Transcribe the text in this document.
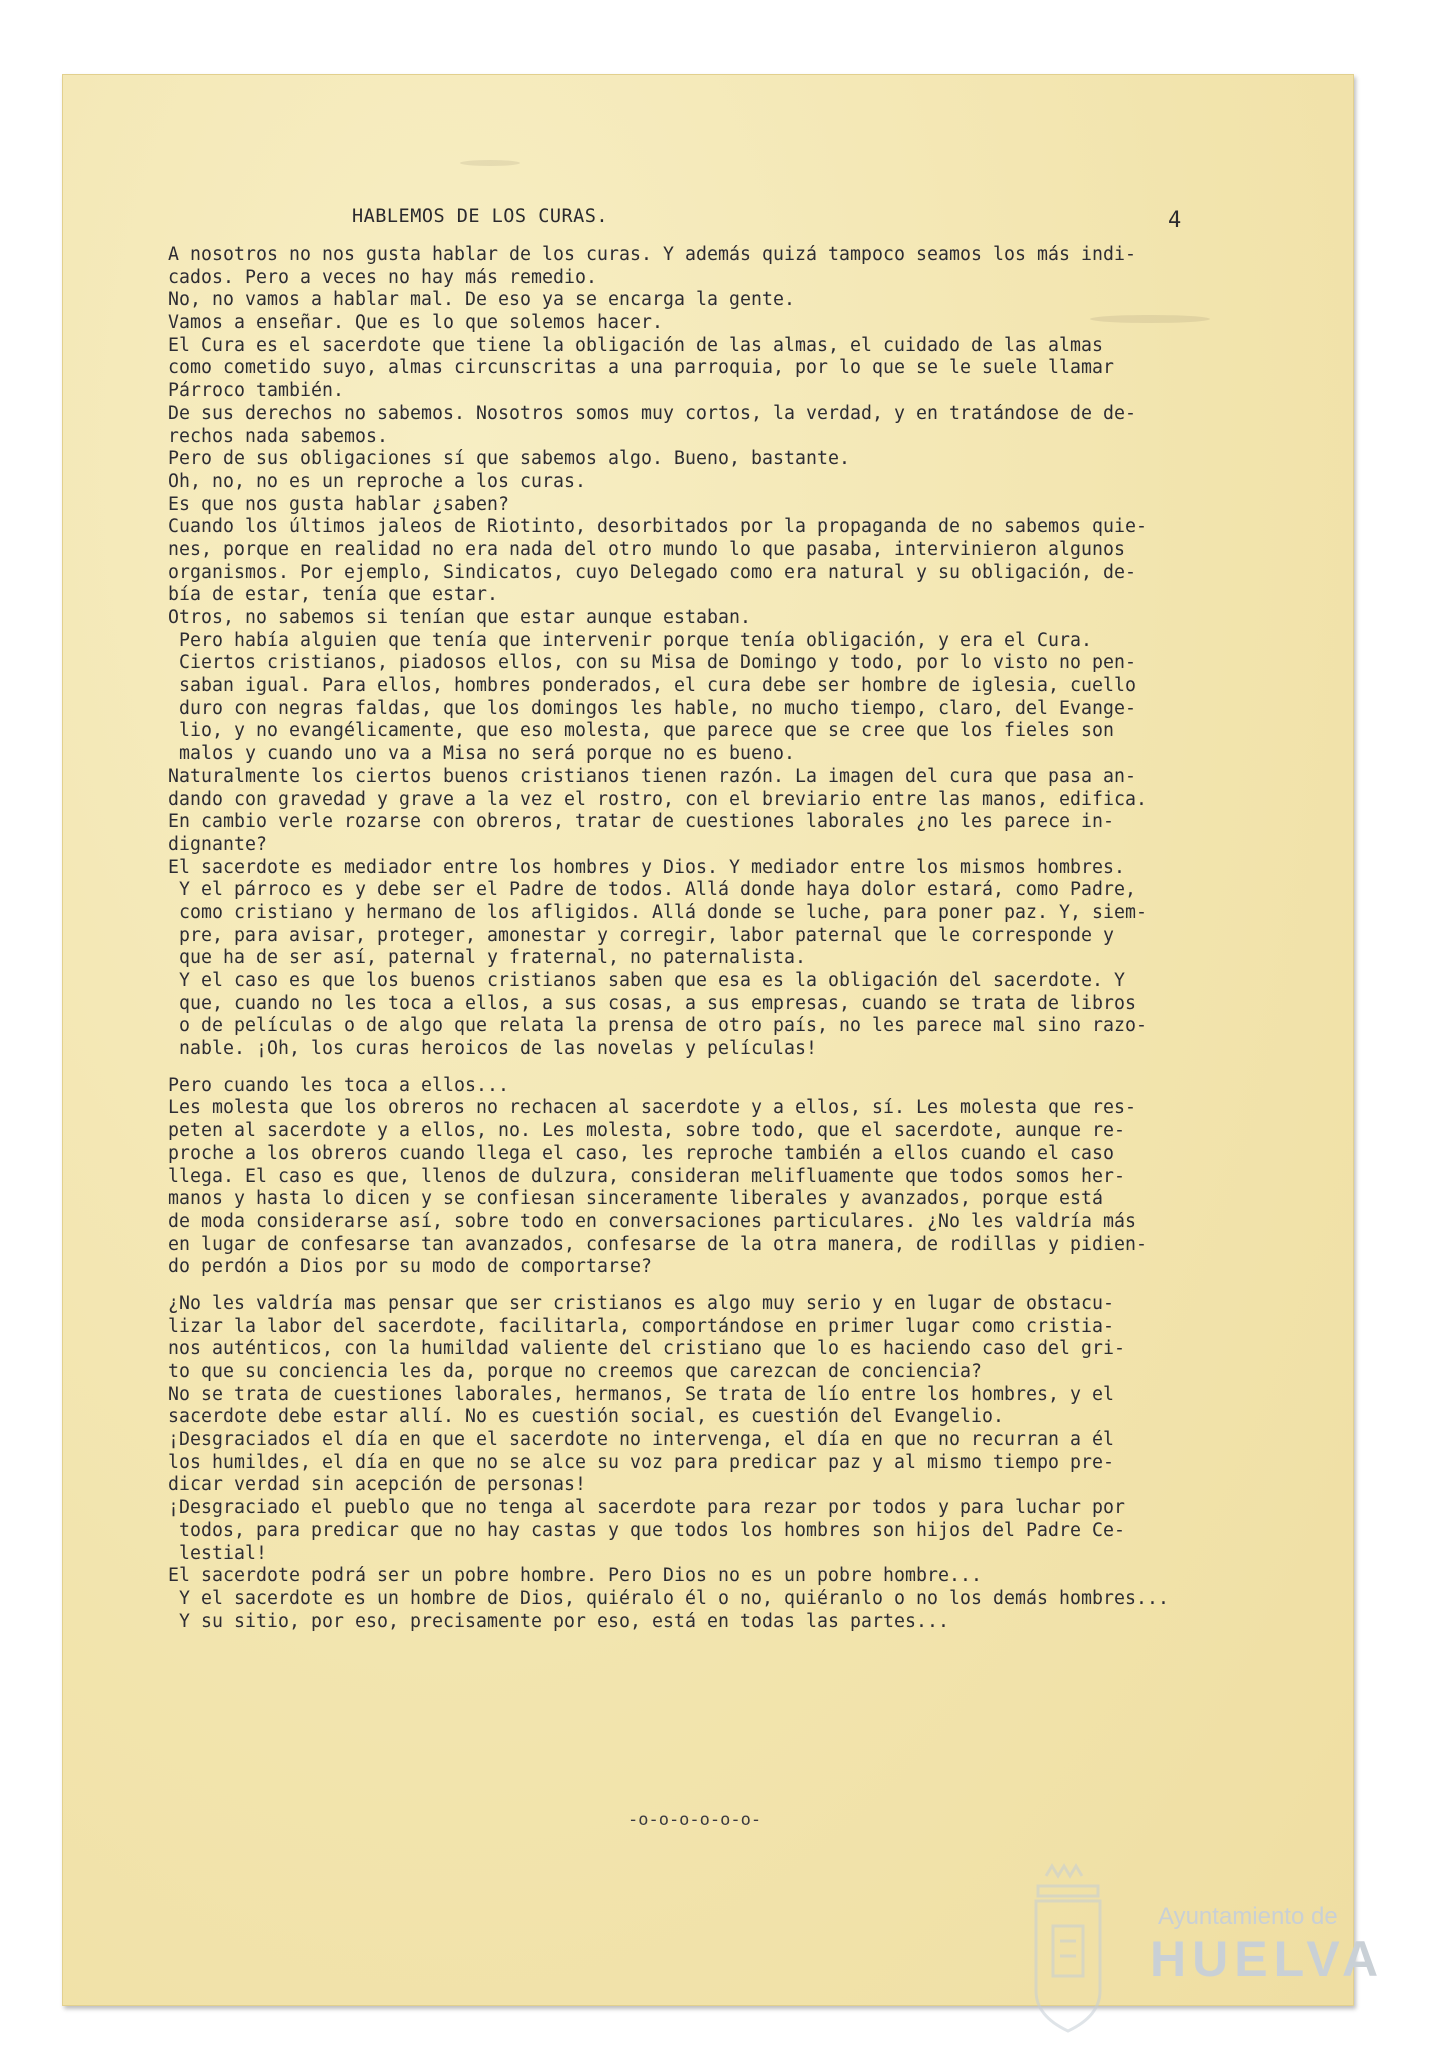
HABLEMOS DE LOS CURAS.	4
A nosotros no nos gusta hablar de los curas. Y además quizá tampoco seamos los más indi-
cados. Pero a veces no hay más remedio.
No, no vamos a hablar mal. De eso ya se encarga la gente.
Vamos a enseñar. Que es lo que solemos hacer.
El Cura es el sacerdote que tiene la obligación de las almas, el cuidado de las almas
como cometido suyo, almas circunscritas a una parroquia, por lo que se le suele llamar
Párroco también.
De sus derechos no sabemos. Nosotros somos muy cortos, la verdad, y en tratándose de de-
rechos nada sabemos.
Pero de sus obligaciones sí que sabemos algo. Bueno, bastante.
Oh, no, no es un reproche a los curas.
Es que nos gusta hablar ¿saben?
Cuando los últimos jaleos de Riotinto, desorbitados por la propaganda de no sabemos quie-
nes, porque en realidad no era nada del otro mundo lo que pasaba, intervinieron algunos
organismos. Por ejemplo, Sindicatos, cuyo Delegado como era natural y su obligación, de-
bía de estar, tenía que estar.
Otros, no sabemos si tenían que estar aunque estaban.
Pero había alguien que tenía que intervenir porque tenía obligación, y era el Cura.
Ciertos cristianos, piadosos ellos, con su Misa de Domingo y todo, por lo visto no pen-
saban igual. Para ellos, hombres ponderados, el cura debe ser hombre de iglesia, cuello
duro con negras faldas, que los domingos les hable, no mucho tiempo, claro, del Evange-
lio, y no evangélicamente, que eso molesta, que parece que se cree que los fieles son
malos y cuando uno va a Misa no será porque no es bueno.
Naturalmente los ciertos buenos cristianos tienen razón. La imagen del cura que pasa an-
dando con gravedad y grave a la vez el rostro, con el breviario entre las manos, edifica.
En cambio verle rozarse con obreros, tratar de cuestiones laborales ¿no les parece in-
dignante?
El sacerdote es mediador entre los hombres y Dios. Y mediador entre los mismos hombres.
Y el párroco es y debe ser el Padre de todos. Allá donde haya dolor estará, como Padre,
como cristiano y hermano de los afligidos. Allá donde se luche, para poner paz. Y, siem-
pre, para avisar, proteger, amonestar y corregir, labor paternal que le corresponde y
que ha de ser así, paternal y fraternal, no paternalista.
Y el caso es que los buenos cristianos saben que esa es la obligación del sacerdote. Y
que, cuando no les toca a ellos, a sus cosas, a sus empresas, cuando se trata de libros
o de películas o de algo que relata la prensa de otro país, no les parece mal sino razo-
nable. ¡Oh, los curas heroicos de las novelas y películas!
Pero cuando les toca a ellos...
Les molesta que los obreros no rechacen al sacerdote y a ellos, sí. Les molesta que res-
peten al sacerdote y a ellos, no. Les molesta, sobre todo, que el sacerdote, aunque re-
proche a los obreros cuando llega el caso, les reproche también a ellos cuando el caso
llega. El caso es que, llenos de dulzura, consideran melifluamente que todos somos her-
manos y hasta lo dicen y se confiesan sinceramente liberales y avanzados, porque está
de moda considerarse así, sobre todo en conversaciones particulares. ¿No les valdría más
en lugar de confesarse tan avanzados, confesarse de la otra manera, de rodillas y pidien-
do perdón a Dios por su modo de comportarse?
¿No les valdría mas pensar que ser cristianos es algo muy serio y en lugar de obstacu-
lizar la labor del sacerdote, facilitarla, comportándose en primer lugar como cristia-
nos auténticos, con la humildad valiente del cristiano que lo es haciendo caso del gri-
to que su conciencia les da, porque no creemos que carezcan de conciencia?
No se trata de cuestiones laborales, hermanos, Se trata de lío entre los hombres, y el
sacerdote debe estar allí. No es cuestión social, es cuestión del Evangelio.
¡Desgraciados el día en que el sacerdote no intervenga, el día en que no recurran a él
los humildes, el día en que no se alce su voz para predicar paz y al mismo tiempo pre-
dicar verdad sin acepción de personas!
¡Desgraciado el pueblo que no tenga al sacerdote para rezar por todos y para luchar por
todos, para predicar que no hay castas y que todos los hombres son hijos del Padre Ce-
lestial!
El sacerdote podrá ser un pobre hombre. Pero Dios no es un pobre hombre...
Y el sacerdote es un hombre de Dios, quiéralo él o no, quiéranlo o no los demás hombres...
Y su sitio, por eso, precisamente por eso, está en todas las partes...
-o-o-o-o-o-o-
Ayuntamiento de
HUELVA
